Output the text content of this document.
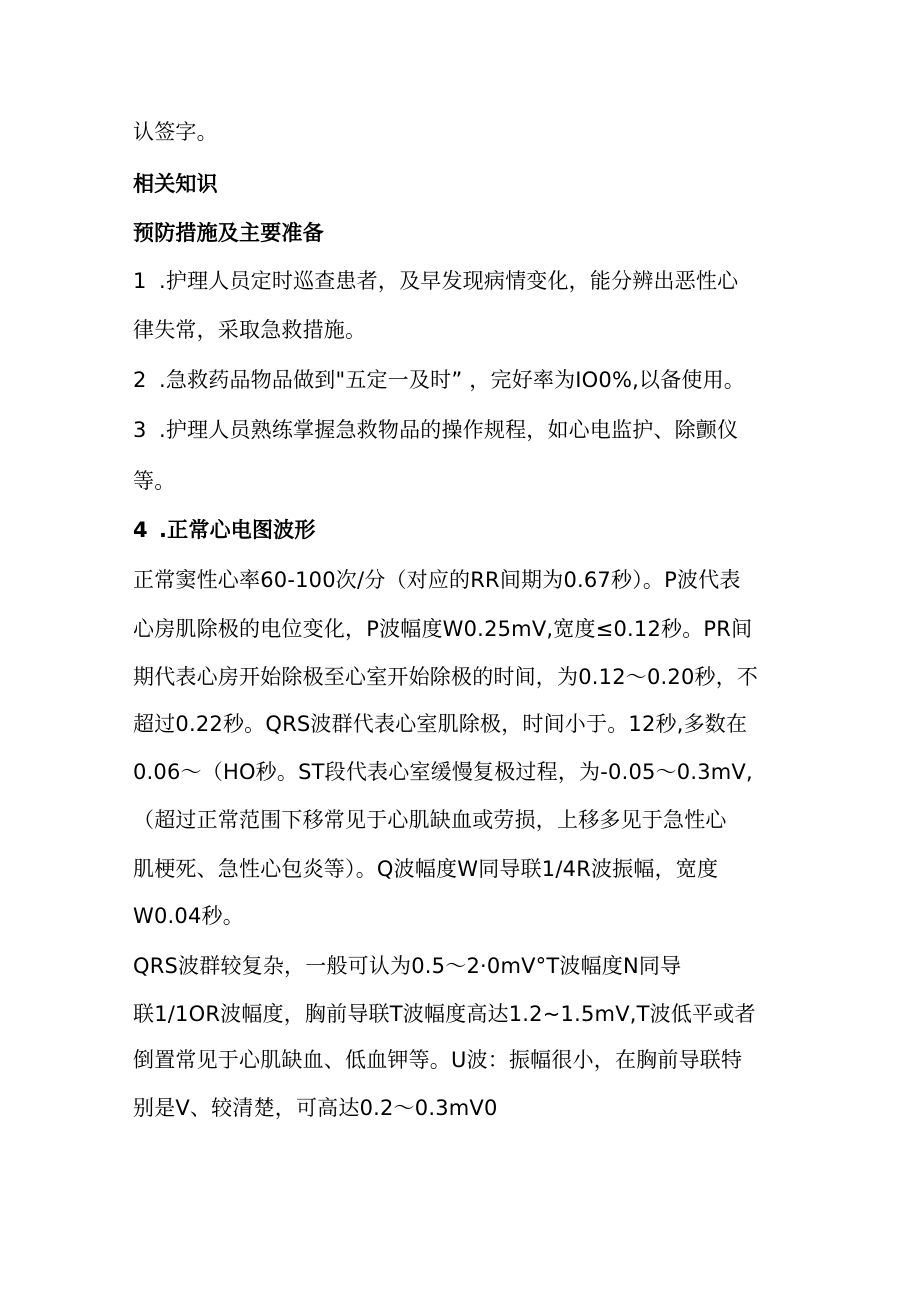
认签字。
相关知识
预防措施及主要准备
1 .护理人员定时巡查患者，及早发现病情变化，能分辨出恶性心
律失常，采取急救措施。
2 .急救药品物品做到"五定一及时” ，完好率为IO0%,以备使用。
3 .护理人员熟练掌握急救物品的操作规程，如心电监护、除颤仪
等。
4 .正常心电图波形
正常窦性心率60-100次/分（对应的RR间期为0.67秒）。P波代表
心房肌除极的电位变化，P波幅度W0.25mV,宽度≤0.12秒。PR间
期代表心房开始除极至心室开始除极的时间，为0.12〜0.20秒，不
超过0.22秒。QRS波群代表心室肌除极，时间小于。12秒,多数在
0.06〜（HO秒。ST段代表心室缓慢复极过程，为-0.05〜0.3mV,
（超过正常范围下移常见于心肌缺血或劳损，上移多见于急性心
肌梗死、急性心包炎等）。Q波幅度W同导联1/4R波振幅，宽度
W0.04秒。
QRS波群较复杂，一般可认为0.5〜2·0mV°T波幅度N同导
联1/1OR波幅度，胸前导联T波幅度高达1.2~1.5mV,T波低平或者
倒置常见于心肌缺血、低血钾等。U波：振幅很小，在胸前导联特
别是V、较清楚，可高达0.2〜0.3mV0
